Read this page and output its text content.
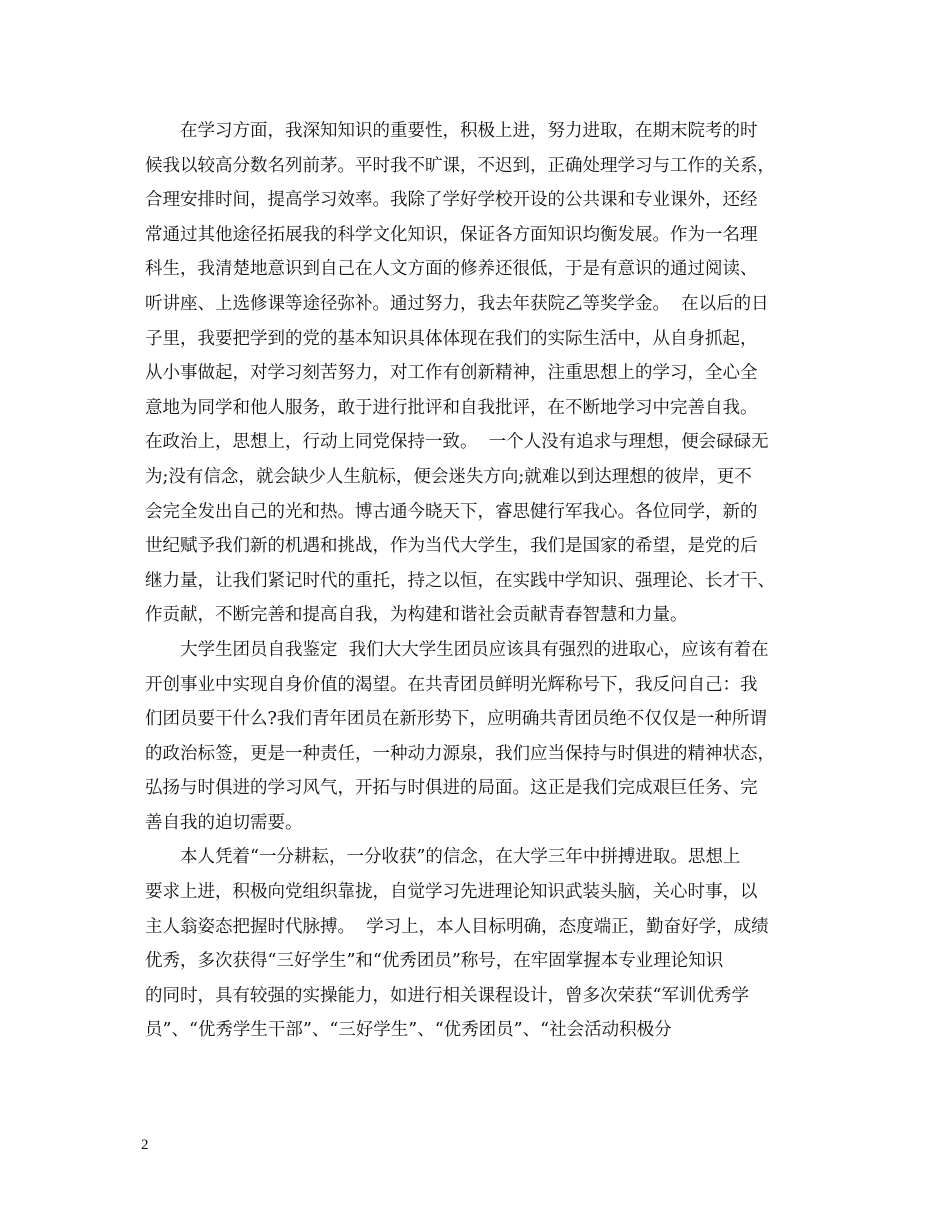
　　在学习方面，我深知知识的重要性，积极上进，努力进取，在期末院考的时
候我以较高分数名列前茅。平时我不旷课，不迟到，正确处理学习与工作的关系，
合理安排时间，提高学习效率。我除了学好学校开设的公共课和专业课外，还经
常通过其他途径拓展我的科学文化知识，保证各方面知识均衡发展。作为一名理
科生，我清楚地意识到自己在人文方面的修养还很低，于是有意识的通过阅读、
听讲座、上选修课等途径弥补。通过努力，我去年获院乙等奖学金。  在以后的日
子里，我要把学到的党的基本知识具体体现在我们的实际生活中，从自身抓起，
从小事做起，对学习刻苦努力，对工作有创新精神，注重思想上的学习，全心全
意地为同学和他人服务，敢于进行批评和自我批评，在不断地学习中完善自我。
在政治上，思想上，行动上同党保持一致。  一个人没有追求与理想，便会碌碌无
为;没有信念，就会缺少人生航标，便会迷失方向;就难以到达理想的彼岸，更不
会完全发出自己的光和热。博古通今晓天下，睿思健行军我心。各位同学，新的
世纪赋予我们新的机遇和挑战，作为当代大学生，我们是国家的希望，是党的后
继力量，让我们紧记时代的重托，持之以恒，在实践中学知识、强理论、长才干、
作贡献，不断完善和提高自我，为构建和谐社会贡献青春智慧和力量。
　　大学生团员自我鉴定  我们大大学生团员应该具有强烈的进取心，应该有着在
开创事业中实现自身价值的渴望。在共青团员鲜明光辉称号下，我反问自己：我
们团员要干什么?我们青年团员在新形势下，应明确共青团员绝不仅仅是一种所谓
的政治标签，更是一种责任，一种动力源泉，我们应当保持与时俱进的精神状态，
弘扬与时俱进的学习风气，开拓与时俱进的局面。这正是我们完成艰巨任务、完
善自我的迫切需要。
　　本人凭着“一分耕耘，一分收获”的信念，在大学三年中拼搏进取。思想上
要求上进，积极向党组织靠拢，自觉学习先进理论知识武装头脑，关心时事，以
主人翁姿态把握时代脉搏。  学习上，本人目标明确，态度端正，勤奋好学，成绩
优秀，多次获得“三好学生”和“优秀团员”称号，在牢固掌握本专业理论知识
的同时，具有较强的实操能力，如进行相关课程设计，曾多次荣获“军训优秀学
员”、“优秀学生干部”、“三好学生”、“优秀团员”、“社会活动积极分
2
